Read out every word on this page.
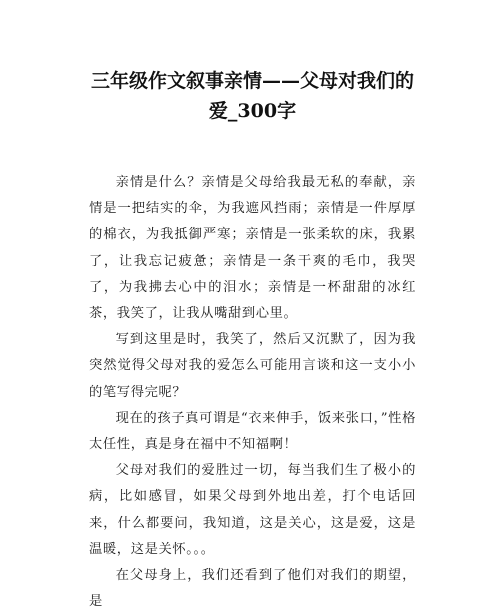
三年级作文叙事亲情——父母对我们的
爱_300字

亲情是什么？亲情是父母给我最无私的奉献，亲情是一把结实的伞，为我遮风挡雨；亲情是一件厚厚的棉衣，为我抵御严寒；亲情是一张柔软的床，我累了，让我忘记疲惫；亲情是一条干爽的毛巾，我哭了，为我拂去心中的泪水；亲情是一杯甜甜的冰红茶，我笑了，让我从嘴甜到心里。

写到这里是时，我笑了，然后又沉默了，因为我突然觉得父母对我的爱怎么可能用言谈和这一支小小的笔写得完呢？

现在的孩子真可谓是“衣来伸手，饭来张口，”性格太任性，真是身在福中不知福啊！

父母对我们的爱胜过一切，每当我们生了极小的病，比如感冒，如果父母到外地出差，打个电话回来，什么都要问，我知道，这是关心，这是爱，这是温暖，这是关怀。。。

在父母身上，我们还看到了他们对我们的期望，是
